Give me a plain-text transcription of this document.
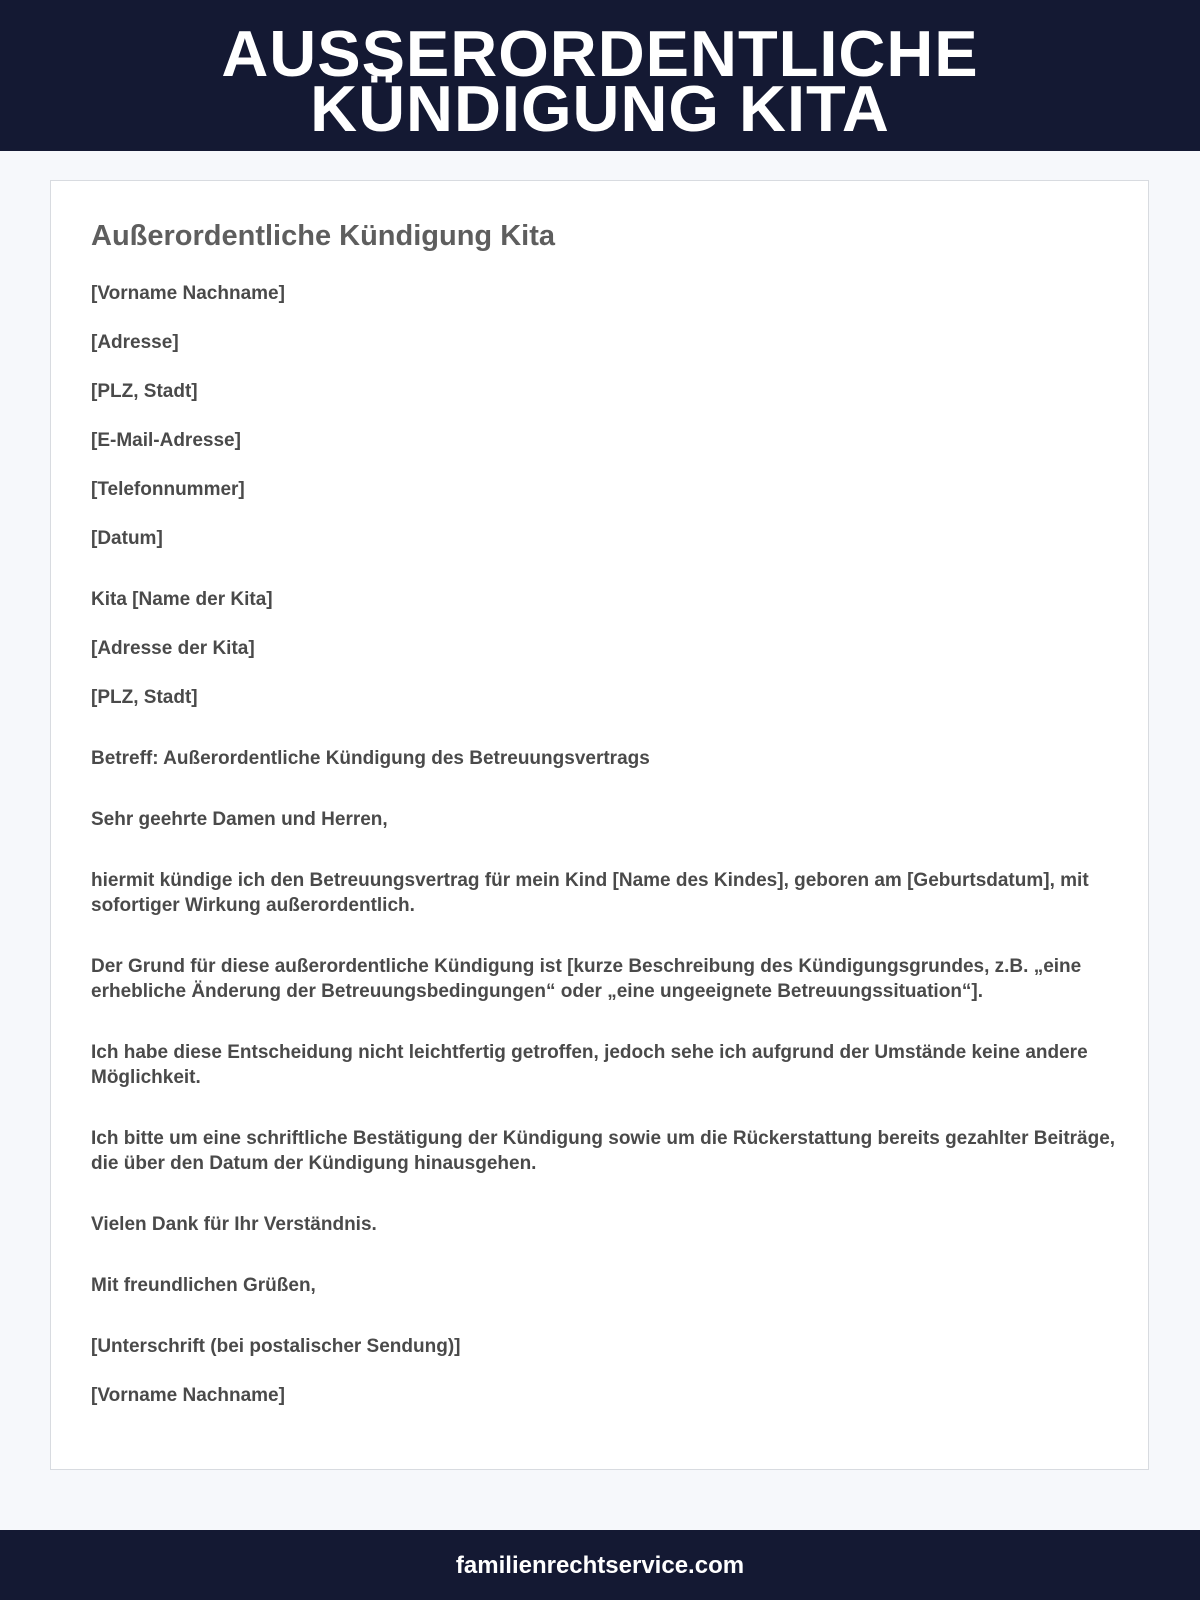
AUSSERORDENTLICHE
KÜNDIGUNG KITA
Außerordentliche Kündigung Kita

[Vorname Nachname]

[Adresse]

[PLZ, Stadt]

[E-Mail-Adresse]

[Telefonnummer]

[Datum]

Kita [Name der Kita]

[Adresse der Kita]

[PLZ, Stadt]

Betreff: Außerordentliche Kündigung des Betreuungsvertrags

Sehr geehrte Damen und Herren,

hiermit kündige ich den Betreuungsvertrag für mein Kind [Name des Kindes], geboren am [Geburtsdatum], mit sofortiger Wirkung außerordentlich.

Der Grund für diese außerordentliche Kündigung ist [kurze Beschreibung des Kündigungsgrundes, z.B. „eine erhebliche Änderung der Betreuungsbedingungen“ oder „eine ungeeignete Betreuungssituation“].

Ich habe diese Entscheidung nicht leichtfertig getroffen, jedoch sehe ich aufgrund der Umstände keine andere Möglichkeit.

Ich bitte um eine schriftliche Bestätigung der Kündigung sowie um die Rückerstattung bereits gezahlter Beiträge, die über den Datum der Kündigung hinausgehen.

Vielen Dank für Ihr Verständnis.

Mit freundlichen Grüßen,

[Unterschrift (bei postalischer Sendung)]

[Vorname Nachname]

familienrechtservice.com
